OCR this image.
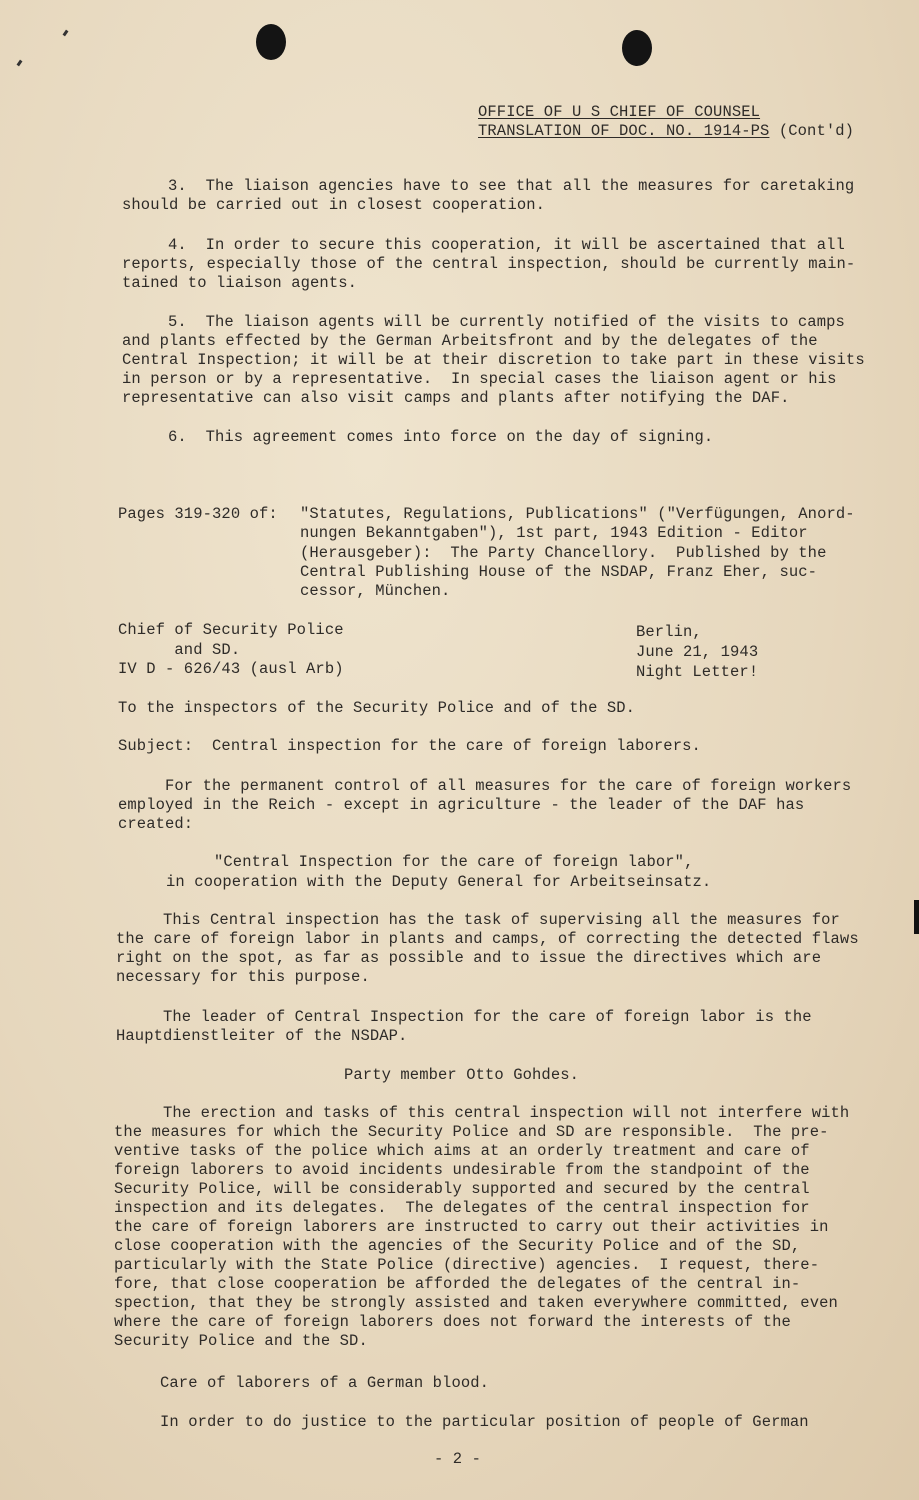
OFFICE OF U S CHIEF OF COUNSEL

TRANSLATION OF DOC. NO. 1914-PS (Cont'd)

3.  The liaison agencies have to see that all the measures for caretaking

should be carried out in closest cooperation.

4.  In order to secure this cooperation, it will be ascertained that all

reports, especially those of the central inspection, should be currently main-

tained to liaison agents.

5.  The liaison agents will be currently notified of the visits to camps

and plants effected by the German Arbeitsfront and by the delegates of the

Central Inspection; it will be at their discretion to take part in these visits

in person or by a representative.  In special cases the liaison agent or his

representative can also visit camps and plants after notifying the DAF.

6.  This agreement comes into force on the day of signing.

Pages 319-320 of: "Statutes, Regulations, Publications" ("Verfügungen, Anord-

nungen Bekanntgaben"), 1st part, 1943 Edition - Editor

(Herausgeber):  The Party Chancellory.  Published by the

Central Publishing House of the NSDAP, Franz Eher, suc-

cessor, München.

Chief of Security Police

and SD.

IV D - 626/43 (ausl Arb)

Berlin,

June 21, 1943

Night Letter!

To the inspectors of the Security Police and of the SD.

Subject:  Central inspection for the care of foreign laborers.

For the permanent control of all measures for the care of foreign workers

employed in the Reich - except in agriculture - the leader of the DAF has

created:

"Central Inspection for the care of foreign labor",

in cooperation with the Deputy General for Arbeitseinsatz.

This Central inspection has the task of supervising all the measures for

the care of foreign labor in plants and camps, of correcting the detected flaws

right on the spot, as far as possible and to issue the directives which are

necessary for this purpose.

The leader of Central Inspection for the care of foreign labor is the

Hauptdienstleiter of the NSDAP.

Party member Otto Gohdes.

The erection and tasks of this central inspection will not interfere with

the measures for which the Security Police and SD are responsible.  The pre-

ventive tasks of the police which aims at an orderly treatment and care of

foreign laborers to avoid incidents undesirable from the standpoint of the

Security Police, will be considerably supported and secured by the central

inspection and its delegates.  The delegates of the central inspection for

the care of foreign laborers are instructed to carry out their activities in

close cooperation with the agencies of the Security Police and of the SD,

particularly with the State Police (directive) agencies.  I request, there-

fore, that close cooperation be afforded the delegates of the central in-

spection, that they be strongly assisted and taken everywhere committed, even

where the care of foreign laborers does not forward the interests of the

Security Police and the SD.

Care of laborers of a German blood.

In order to do justice to the particular position of people of German

- 2 -
